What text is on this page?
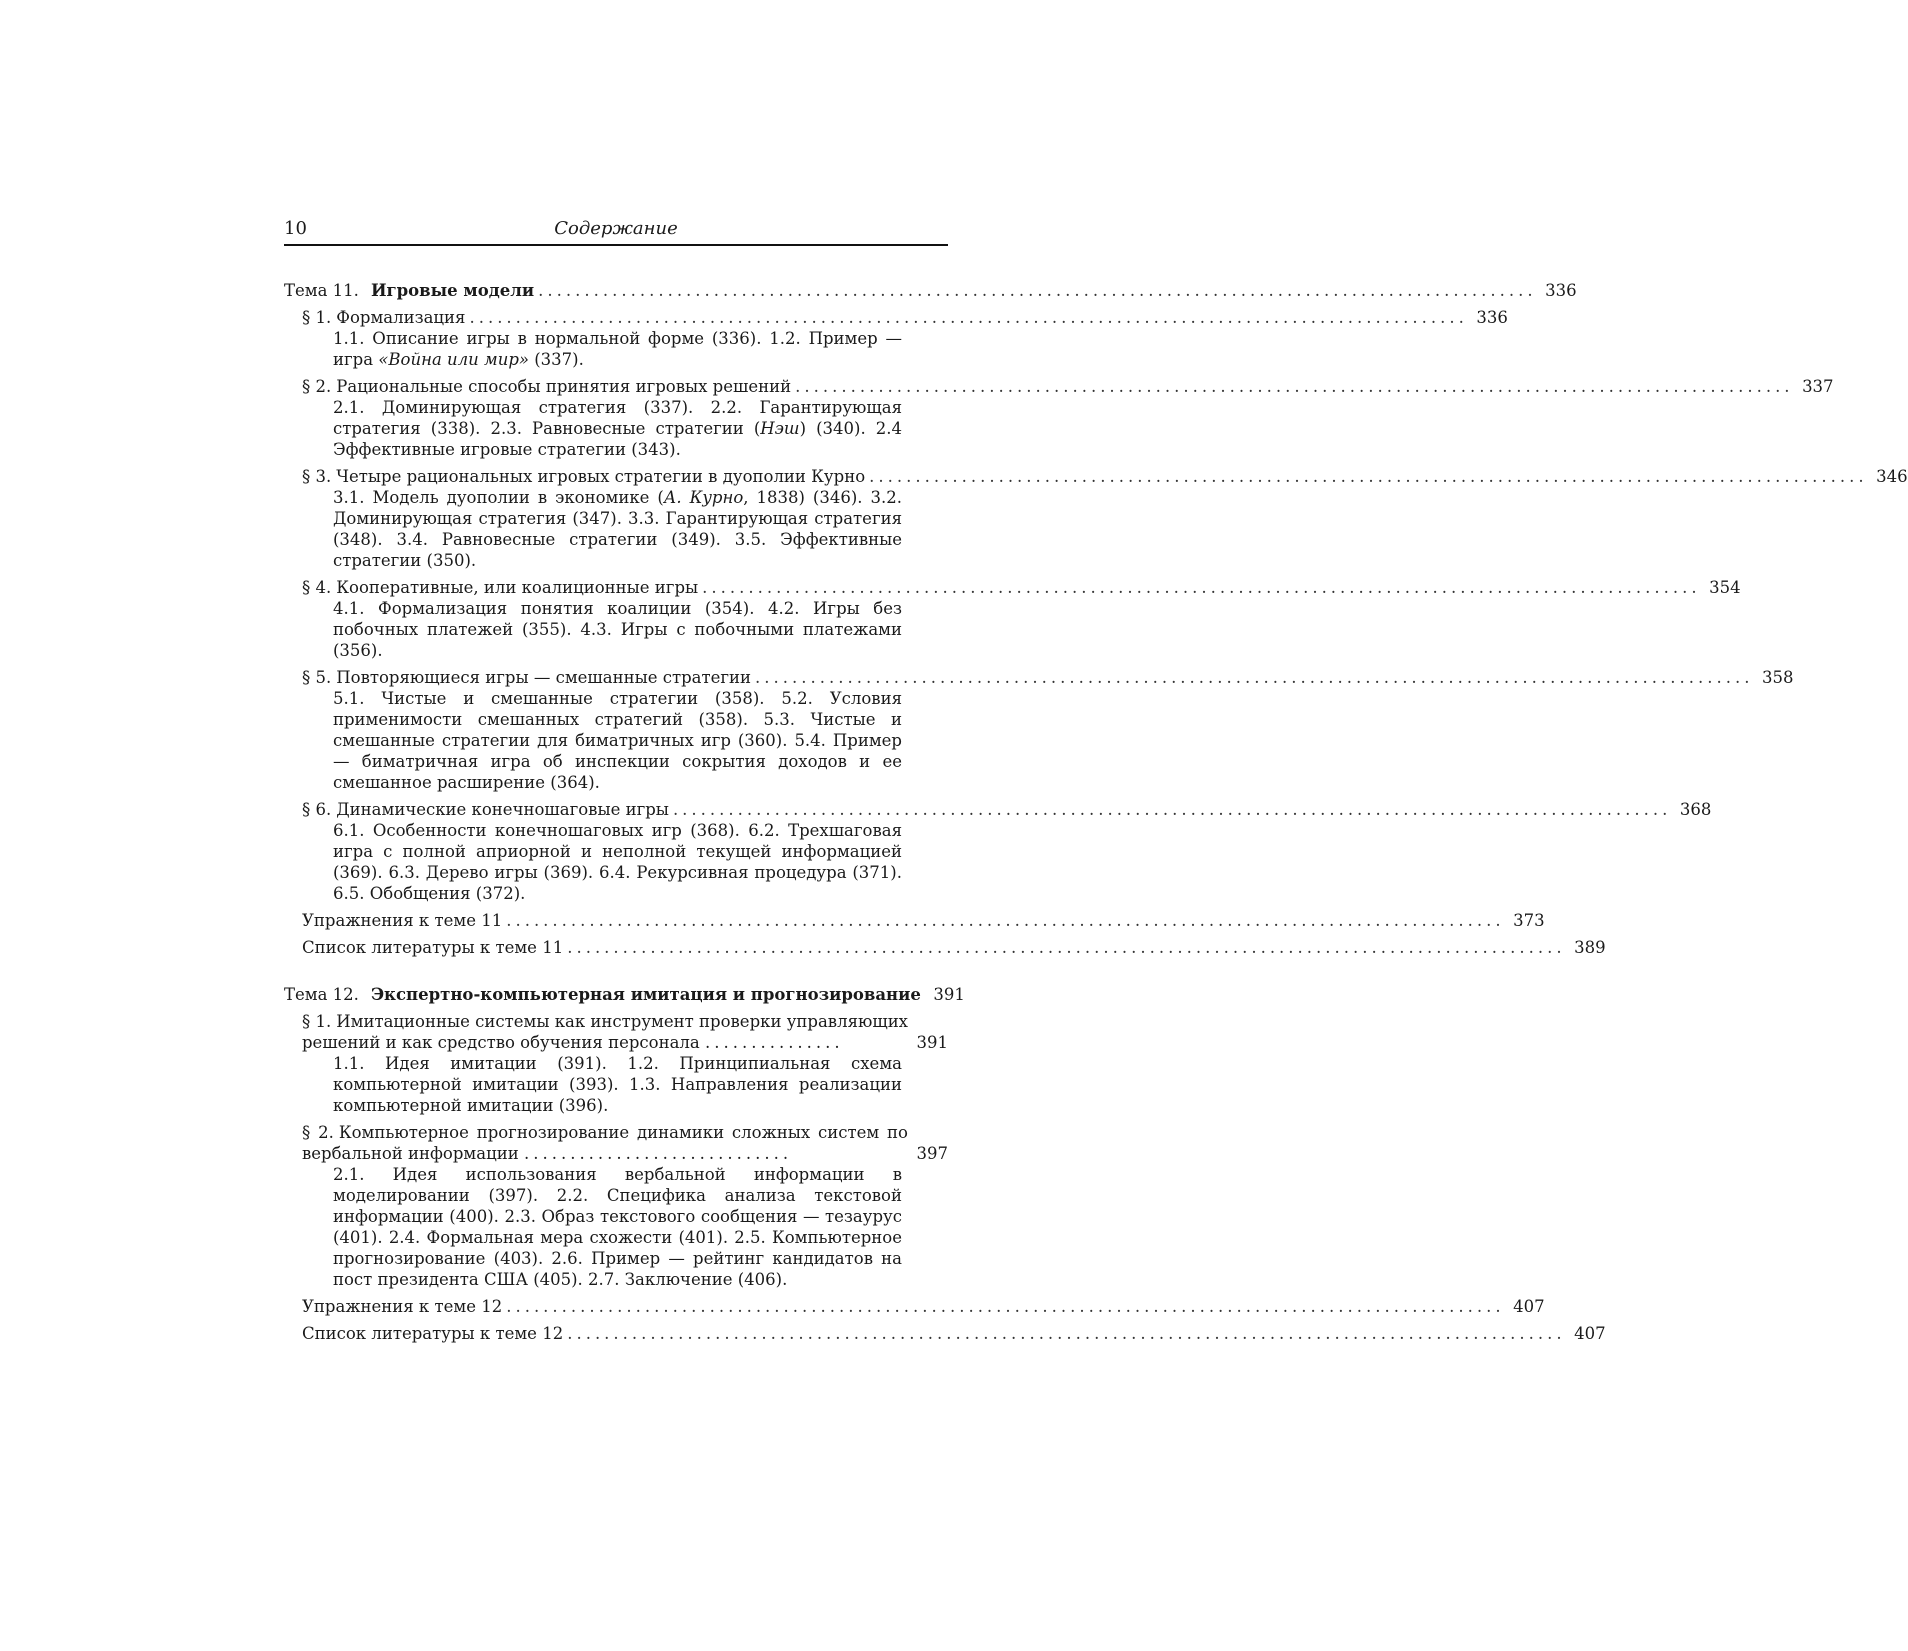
10	Содержание
Тема 11. Игровые модели ............................................................................................................ 336
§ 1. Формализация ............................................................................................................ 336
1.1. Описание игры в нормальной форме (336). 1.2. Пример — игра «Война или мир» (337).
§ 2. Рациональные способы принятия игровых решений ............................................................................................................ 337
2.1. Доминирующая стратегия (337). 2.2. Гарантирующая стратегия (338). 2.3. Равновесные стратегии (Нэш) (340). 2.4 Эффективные игровые стратегии (343).
§ 3. Четыре рациональных игровых стратегии в дуополии Курно ............................................................................................................ 346
3.1. Модель дуополии в экономике (А. Курно, 1838) (346). 3.2. Доминирующая стратегия (347). 3.3. Гарантирующая стратегия (348). 3.4. Равновесные стратегии (349). 3.5. Эффективные стратегии (350).
§ 4. Кооперативные, или коалиционные игры ............................................................................................................ 354
4.1. Формализация понятия коалиции (354). 4.2. Игры без побочных платежей (355). 4.3. Игры с побочными платежами (356).
§ 5. Повторяющиеся игры — смешанные стратегии ............................................................................................................ 358
5.1. Чистые и смешанные стратегии (358). 5.2. Условия применимости смешанных стратегий (358). 5.3. Чистые и смешанные стратегии для биматричных игр (360). 5.4. Пример — биматричная игра об инспекции сокрытия доходов и ее смешанное расширение (364).
§ 6. Динамические конечношаговые игры ............................................................................................................ 368
6.1. Особенности конечношаговых игр (368). 6.2. Трехшаговая игра с полной априорной и неполной текущей информацией (369). 6.3. Дерево игры (369). 6.4. Рекурсивная процедура (371). 6.5. Обобщения (372).
Упражнения к теме 11 ............................................................................................................ 373
Список литературы к теме 11 ............................................................................................................ 389
Тема 12. Экспертно-компьютерная имитация и прогнозирование 391
§ 1. Имитационные системы как инструмент проверки управляющих решений и как средство обучения персонала ...............	391
1.1. Идея имитации (391). 1.2. Принципиальная схема компьютерной имитации (393). 1.3. Направления реализации компьютерной имитации (396).
§ 2. Компьютерное прогнозирование динамики сложных систем по вербальной информации .............................	397
2.1. Идея использования вербальной информации в моделировании (397). 2.2. Специфика анализа текстовой информации (400). 2.3. Образ текстового сообщения — тезаурус (401). 2.4. Формальная мера схожести (401). 2.5. Компьютерное прогнозирование (403). 2.6. Пример — рейтинг кандидатов на пост президента США (405). 2.7. Заключение (406).
Упражнения к теме 12 ............................................................................................................ 407
Список литературы к теме 12 ............................................................................................................ 407
